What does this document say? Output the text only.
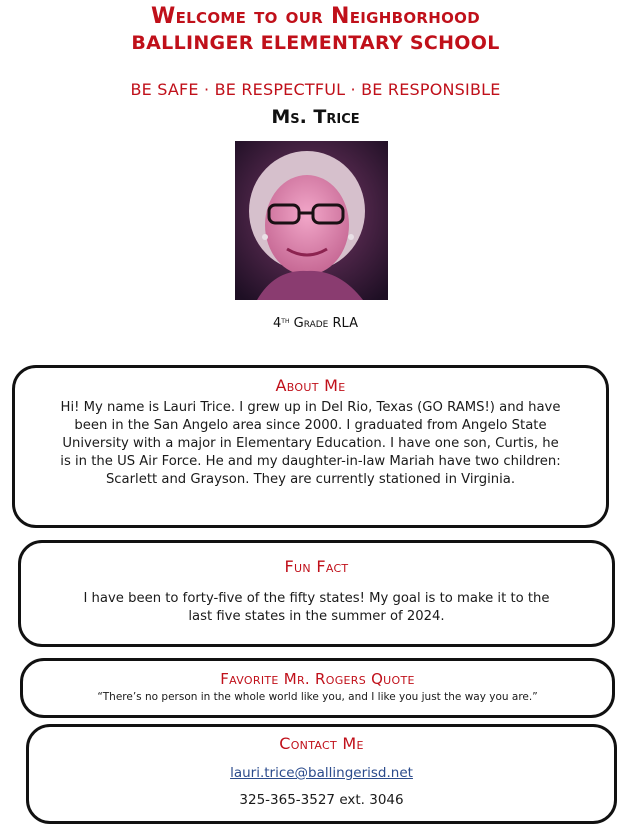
Welcome to our Neighborhood
BALLINGER ELEMENTARY SCHOOL
BE SAFE · BE RESPECTFUL · BE RESPONSIBLE
Ms. Trice
4th Grade RLA
About Me
Hi! My name is Lauri Trice. I grew up in Del Rio, Texas (GO RAMS!) and have been in the San Angelo area since 2000. I graduated from Angelo State University with a major in Elementary Education. I have one son, Curtis, he is in the US Air Force. He and my daughter-in-law Mariah have two children: Scarlett and Grayson. They are currently stationed in Virginia.
Fun Fact
I have been to forty-five of the fifty states! My goal is to make it to the last five states in the summer of 2024.
Favorite Mr. Rogers Quote
“There’s no person in the whole world like you, and I like you just the way you are.”
Contact Me
lauri.trice@ballingerisd.net
325-365-3527 ext. 3046
